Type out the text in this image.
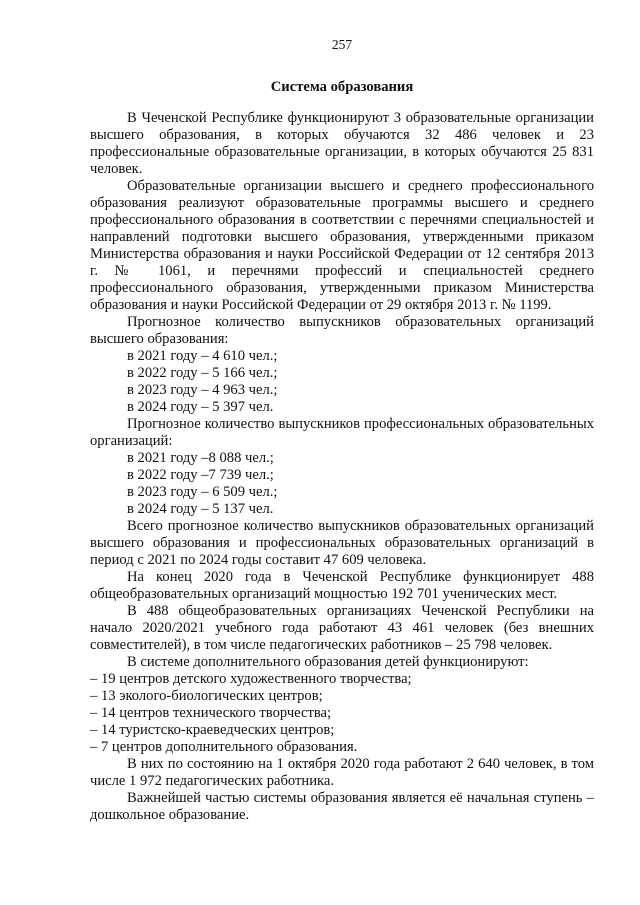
257
Система образования

В Чеченской Республике функционируют 3 образовательные организации высшего образования, в которых обучаются 32 486 человек и 23 профессиональные образовательные организации, в которых обучаются 25 831 человек.

Образовательные организации высшего и среднего профессионального образования реализуют образовательные программы высшего и среднего профессионального образования в соответствии с перечнями специальностей и направлений подготовки высшего образования, утвержденными приказом Министерства образования и науки Российской Федерации от 12 сентября 2013 г. № 1061, и перечнями профессий и специальностей среднего профессионального образования, утвержденными приказом Министерства образования и науки Российской Федерации от 29 октября 2013 г. № 1199.

Прогнозное количество выпускников образовательных организаций высшего образования:

в 2021 году – 4 610 чел.;

в 2022 году – 5 166 чел.;

в 2023 году – 4 963 чел.;

в 2024 году – 5 397 чел.

Прогнозное количество выпускников профессиональных образовательных организаций:

в 2021 году –8 088 чел.;

в 2022 году –7 739 чел.;

в 2023 году – 6 509 чел.;

в 2024 году – 5 137 чел.

Всего прогнозное количество выпускников образовательных организаций высшего образования и профессиональных образовательных организаций в период с 2021 по 2024 годы составит 47 609 человека.

На конец 2020 года в Чеченской Республике функционирует 488 общеобразовательных организаций мощностью 192 701 ученических мест.

В 488 общеобразовательных организациях Чеченской Республики на начало 2020/2021 учебного года работают 43 461 человек (без внешних совместителей), в том числе педагогических работников – 25 798 человек.

В системе дополнительного образования детей функционируют:

– 19 центров детского художественного творчества;

– 13 эколого-биологических центров;

– 14 центров технического творчества;

– 14 туристско-краеведческих центров;

– 7 центров дополнительного образования.

В них по состоянию на 1 октября 2020 года работают 2 640 человек, в том числе 1 972 педагогических работника.

Важнейшей частью системы образования является её начальная ступень – дошкольное образование.
